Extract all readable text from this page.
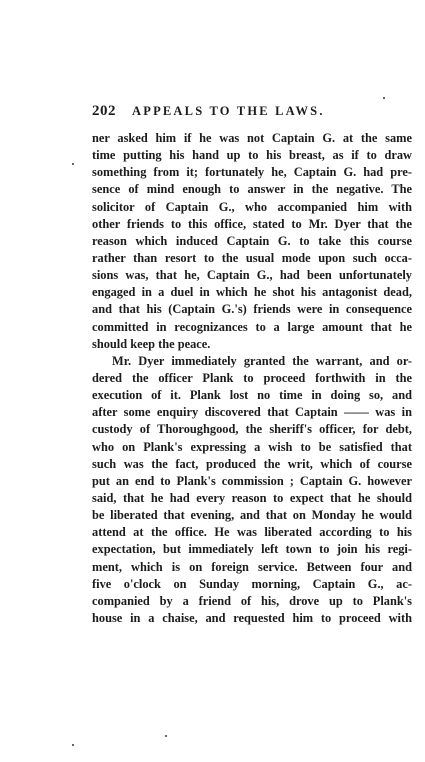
202 APPEALS TO THE LAWS.
ner asked him if he was not Captain G. at the same
time putting his hand up to his breast, as if to draw
something from it; fortunately he, Captain G. had pre-
sence of mind enough to answer in the negative. The
solicitor of Captain G., who accompanied him with
other friends to this office, stated to Mr. Dyer that the
reason which induced Captain G. to take this course
rather than resort to the usual mode upon such occa-
sions was, that he, Captain G., had been unfortunately
engaged in a duel in which he shot his antagonist dead,
and that his (Captain G.'s) friends were in consequence
committed in recognizances to a large amount that he
should keep the peace.
Mr. Dyer immediately granted the warrant, and or-
dered the officer Plank to proceed forthwith in the
execution of it. Plank lost no time in doing so, and
after some enquiry discovered that Captain —— was in
custody of Thoroughgood, the sheriff's officer, for debt,
who on Plank's expressing a wish to be satisfied that
such was the fact, produced the writ, which of course
put an end to Plank's commission ; Captain G. however
said, that he had every reason to expect that he should
be liberated that evening, and that on Monday he would
attend at the office. He was liberated according to his
expectation, but immediately left town to join his regi-
ment, which is on foreign service. Between four and
five o'clock on Sunday morning, Captain G., ac-
companied by a friend of his, drove up to Plank's
house in a chaise, and requested him to proceed with
